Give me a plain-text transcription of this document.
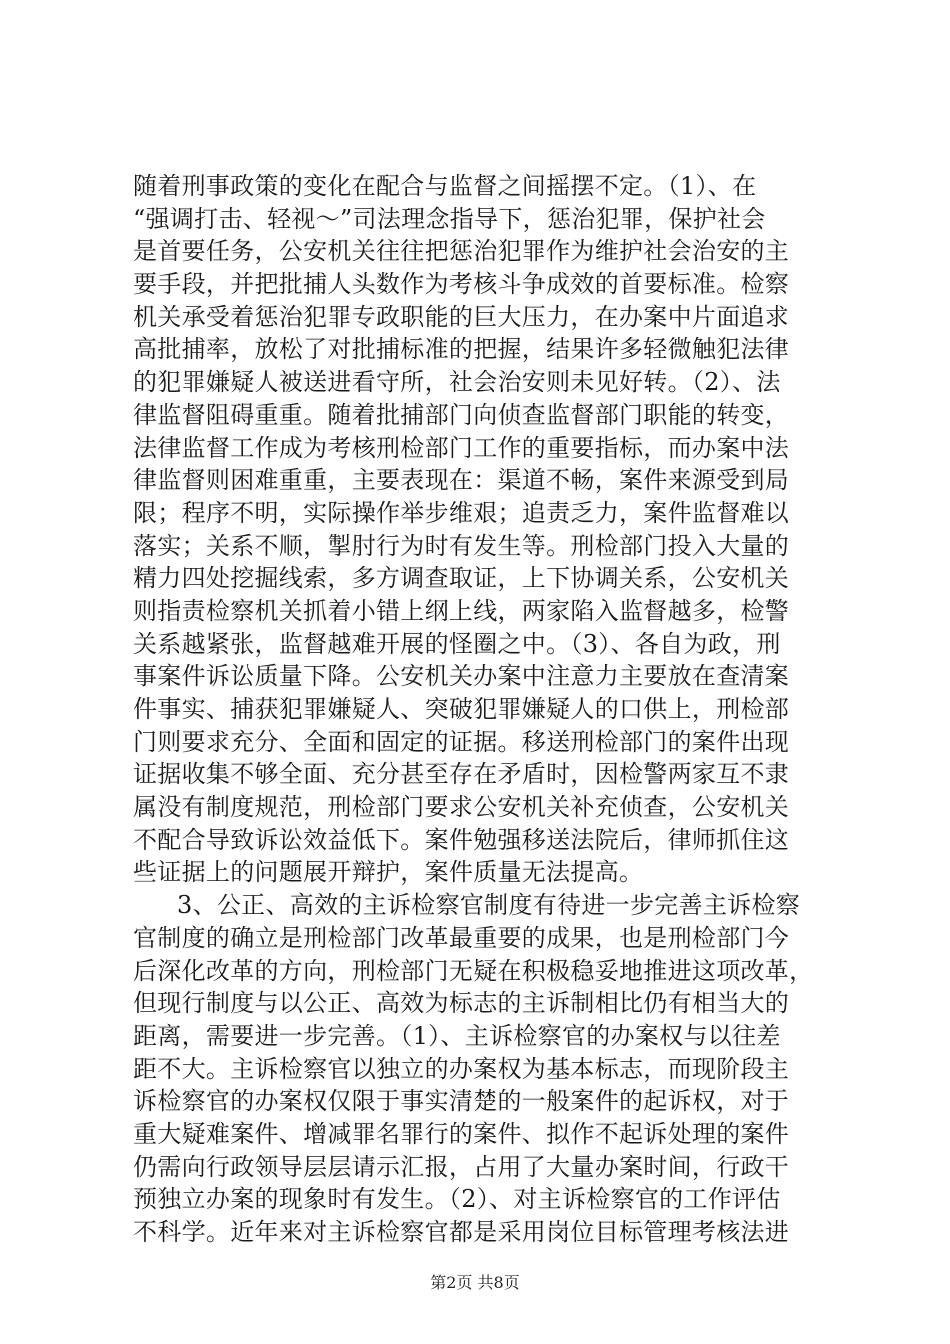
随着刑事政策的变化在配合与监督之间摇摆不定。（1）、在
“强调打击、轻视～”司法理念指导下，惩治犯罪，保护社会
是首要任务，公安机关往往把惩治犯罪作为维护社会治安的主
要手段，并把批捕人头数作为考核斗争成效的首要标准。检察
机关承受着惩治犯罪专政职能的巨大压力，在办案中片面追求
高批捕率，放松了对批捕标准的把握，结果许多轻微触犯法律
的犯罪嫌疑人被送进看守所，社会治安则未见好转。（2）、法
律监督阻碍重重。随着批捕部门向侦查监督部门职能的转变，
法律监督工作成为考核刑检部门工作的重要指标，而办案中法
律监督则困难重重，主要表现在：渠道不畅，案件来源受到局
限；程序不明，实际操作举步维艰；追责乏力，案件监督难以
落实；关系不顺，掣肘行为时有发生等。刑检部门投入大量的
精力四处挖掘线索，多方调查取证，上下协调关系，公安机关
则指责检察机关抓着小错上纲上线，两家陷入监督越多，检警
关系越紧张，监督越难开展的怪圈之中。（3）、各自为政，刑
事案件诉讼质量下降。公安机关办案中注意力主要放在查清案
件事实、捕获犯罪嫌疑人、突破犯罪嫌疑人的口供上，刑检部
门则要求充分、全面和固定的证据。移送刑检部门的案件出现
证据收集不够全面、充分甚至存在矛盾时，因检警两家互不隶
属没有制度规范，刑检部门要求公安机关补充侦查，公安机关
不配合导致诉讼效益低下。案件勉强移送法院后，律师抓住这
些证据上的问题展开辩护，案件质量无法提高。
3、公正、高效的主诉检察官制度有待进一步完善主诉检察
官制度的确立是刑检部门改革最重要的成果，也是刑检部门今
后深化改革的方向，刑检部门无疑在积极稳妥地推进这项改革，
但现行制度与以公正、高效为标志的主诉制相比仍有相当大的
距离，需要进一步完善。（1）、主诉检察官的办案权与以往差
距不大。主诉检察官以独立的办案权为基本标志，而现阶段主
诉检察官的办案权仅限于事实清楚的一般案件的起诉权，对于
重大疑难案件、增减罪名罪行的案件、拟作不起诉处理的案件
仍需向行政领导层层请示汇报，占用了大量办案时间，行政干
预独立办案的现象时有发生。（2）、对主诉检察官的工作评估
不科学。近年来对主诉检察官都是采用岗位目标管理考核法进
第2页 共8页
